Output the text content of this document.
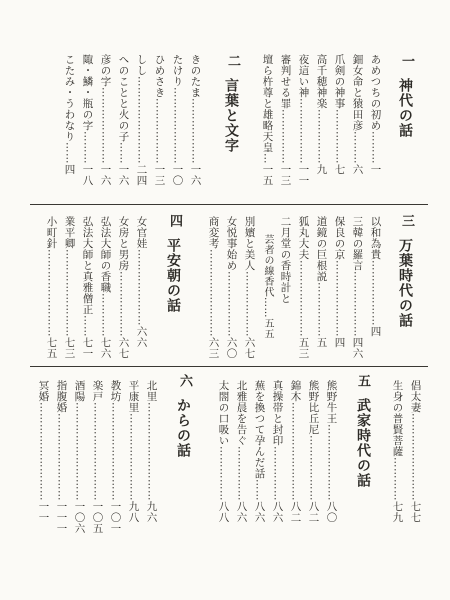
一
神代の話
あめつちの初め………一
鈿女命と猿田彦………六
爪剣の神事……………七
高千穂神楽……………九
夜這い神………………一一
審判せる罪……………一三
壇ら杵尊と雄略天皇…一五
二
言葉と文字
きのたま………………一六
たけり…………………一〇
ひめさき………………一三
しし……………………二四
へのことと火の子……一六
彦の字…………………一六
陬・鱗・瓶の字………一八
こたみ・うわなり……四
三
万葉時代の話
以和為貴………………四
三韓の羅言………………四六
保良の京…………………四
道鏡の巨根説……………五
狐丸大夫…………………五三
二月堂の香時計と
芸者の線香代……五五
別嬪と美人………………六七
女悦事始め………………六〇
商変考……………………六三
四
平安朝の話
女官娃…………………六六
女房と男房………………六七
弘法大師の香職…………七六
弘法大師と真雅僧正……七一
業平卿……………………七三
小町針……………………七五
五
武家時代の話
熊野牛王…………………八〇
熊野比丘尼………………八二
錦木………………………八二
真操帯と封印……………八六
蕪を換つて孕んだ話……八六
北雅晨を告ぐ……………八六
太閤の口吸い……………八八	倡太妻……………………七七
生身の普賢菩薩…………七九
六
からの話
北里………………………九六
平康里……………………九八
教坊………………………一〇一
楽戸………………………一〇五
酒陽………………………一〇六
指腹婚……………………一一一
冥婚………………………一一
